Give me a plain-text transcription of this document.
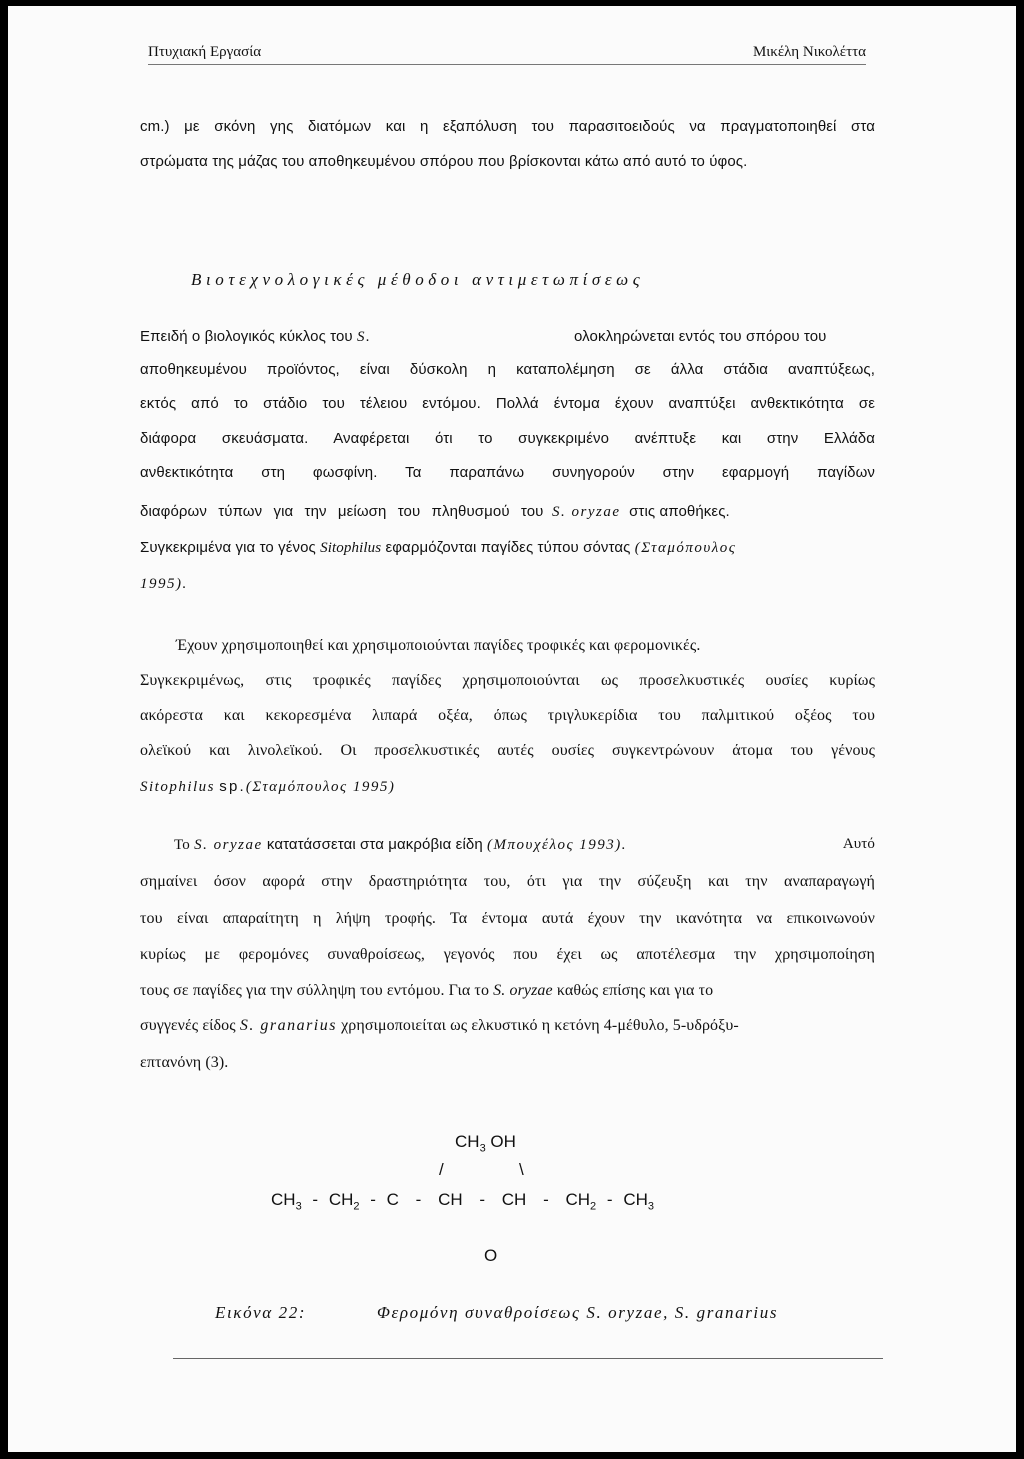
Πτυχιακή Εργασία	Μικέλη Νικολέττα
cm.) με σκόνη γης διατόμων και η εξαπόλυση του παρασιτοειδούς να πραγματοποιηθεί στα
στρώματα της μάζας του αποθηκευμένου σπόρου που βρίσκονται κάτω από αυτό το ύφος.
Βιοτεχνολογικές μέθοδοι αντιμετωπίσεως
Επειδή ο βιολογικός κύκλος του S.	ολοκληρώνεται εντός του σπόρου του
αποθηκευμένου προϊόντος, είναι δύσκολη η καταπολέμηση σε άλλα στάδια αναπτύξεως,
εκτός από το στάδιο του τέλειου εντόμου. Πολλά έντομα έχουν αναπτύξει ανθεκτικότητα σε
διάφορα σκευάσματα. Αναφέρεται ότι το συγκεκριμένο ανέπτυξε και στην Ελλάδα
ανθεκτικότητα στη φωσφίνη. Τα παραπάνω συνηγορούν στην εφαρμογή παγίδων
διαφόρων τύπων για την μείωση του πληθυσμού του S. oryzae στις αποθήκες.
Συγκεκριμένα για το γένος Sitophilus εφαρμόζονται παγίδες τύπου σόντας (Σταμόπουλος
1995).
Έχουν χρησιμοποιηθεί και χρησιμοποιούνται παγίδες τροφικές και φερομονικές.
Συγκεκριμένως, στις τροφικές παγίδες χρησιμοποιούνται ως προσελκυστικές ουσίες κυρίως
ακόρεστα και κεκορεσμένα λιπαρά οξέα, όπως τριγλυκερίδια του παλμιτικού οξέος του
ολεϊκού και λινολεϊκού. Οι προσελκυστικές αυτές ουσίες συγκεντρώνουν άτομα του γένους
Sitophilus sp.(Σταμόπουλος 1995)
Το S. oryzae κατατάσσεται στα μακρόβια είδη (Μπουχέλος 1993).	Αυτό
σημαίνει όσον αφορά στην δραστηριότητα του, ότι για την σύζευξη και την αναπαραγωγή
του είναι απαραίτητη η λήψη τροφής. Τα έντομα αυτά έχουν την ικανότητα να επικοινωνούν
κυρίως με φερομόνες συναθροίσεως, γεγονός που έχει ως αποτέλεσμα την χρησιμοποίηση
τους σε παγίδες για την σύλληψη του εντόμου. Για το S. oryzae καθώς επίσης και για το
συγγενές είδος S. granarius χρησιμοποιείται ως ελκυστικό η κετόνη 4-μέθυλο, 5-υδρόξυ-
επτανόνη (3).
$CH_3$ OH
/	\
$CH_3 - CH_2$ - C - CH - CH - $CH_2 - CH_3$
O
Εικόνα 22:	Φερομόνη συναθροίσεως S. oryzae, S. granarius
